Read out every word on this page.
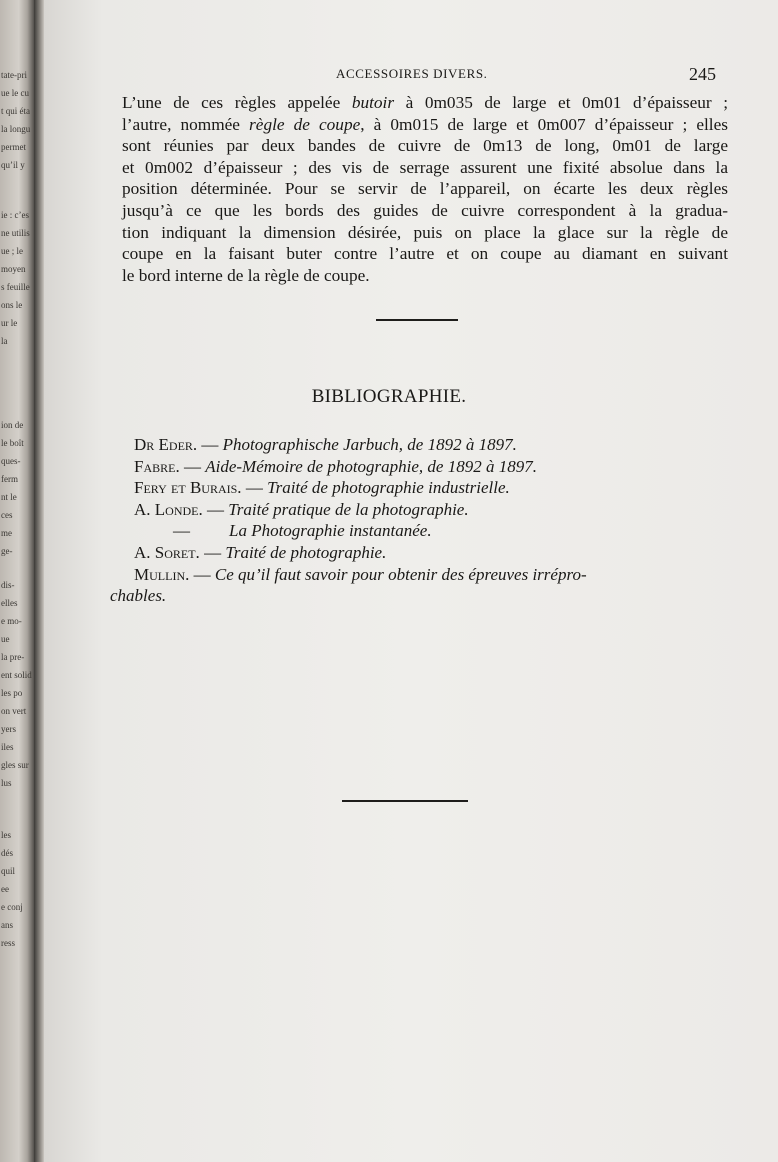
tate-pri
ue le cu
t qui éta
la longu
permet
qu’il y
ie : c’es
ne utilis
ue ; le
moyen
s feuille
ons le
ur le
la
ion de
le boît
ques-
ferm
nt le
ces
me
ge-
dis-
elles
e mo-
ue
la pre-
ent solid
les po
on vert
yers
iles
gles sur
lus
les
dés
quil
ee
e conj
ans
ress
ACCESSOIRES DIVERS.	245
L’une de ces règles appelée butoir à 0m035 de large et 0m01 d’épaisseur ;
l’autre, nommée règle de coupe, à 0m015 de large et 0m007 d’épaisseur ; elles
sont réunies par deux bandes de cuivre de 0m13 de long, 0m01 de large
et 0m002 d’épaisseur ; des vis de serrage assurent une fixité absolue dans la
position déterminée. Pour se servir de l’appareil, on écarte les deux règles
jusqu’à ce que les bords des guides de cuivre correspondent à la gradua-
tion indiquant la dimension désirée, puis on place la glace sur la règle de
coupe en la faisant buter contre l’autre et on coupe au diamant en suivant
le bord interne de la règle de coupe.
BIBLIOGRAPHIE.
Dr Eder. — Photographische Jarbuch, de 1892 à 1897.
Fabre. — Aide-Mémoire de photographie, de 1892 à 1897.
Fery et Burais. — Traité de photographie industrielle.
A. Londe. — Traité pratique de la photographie.
— La Photographie instantanée.
A. Soret. — Traité de photographie.
Mullin. — Ce qu’il faut savoir pour obtenir des épreuves irrépro-
chables.
